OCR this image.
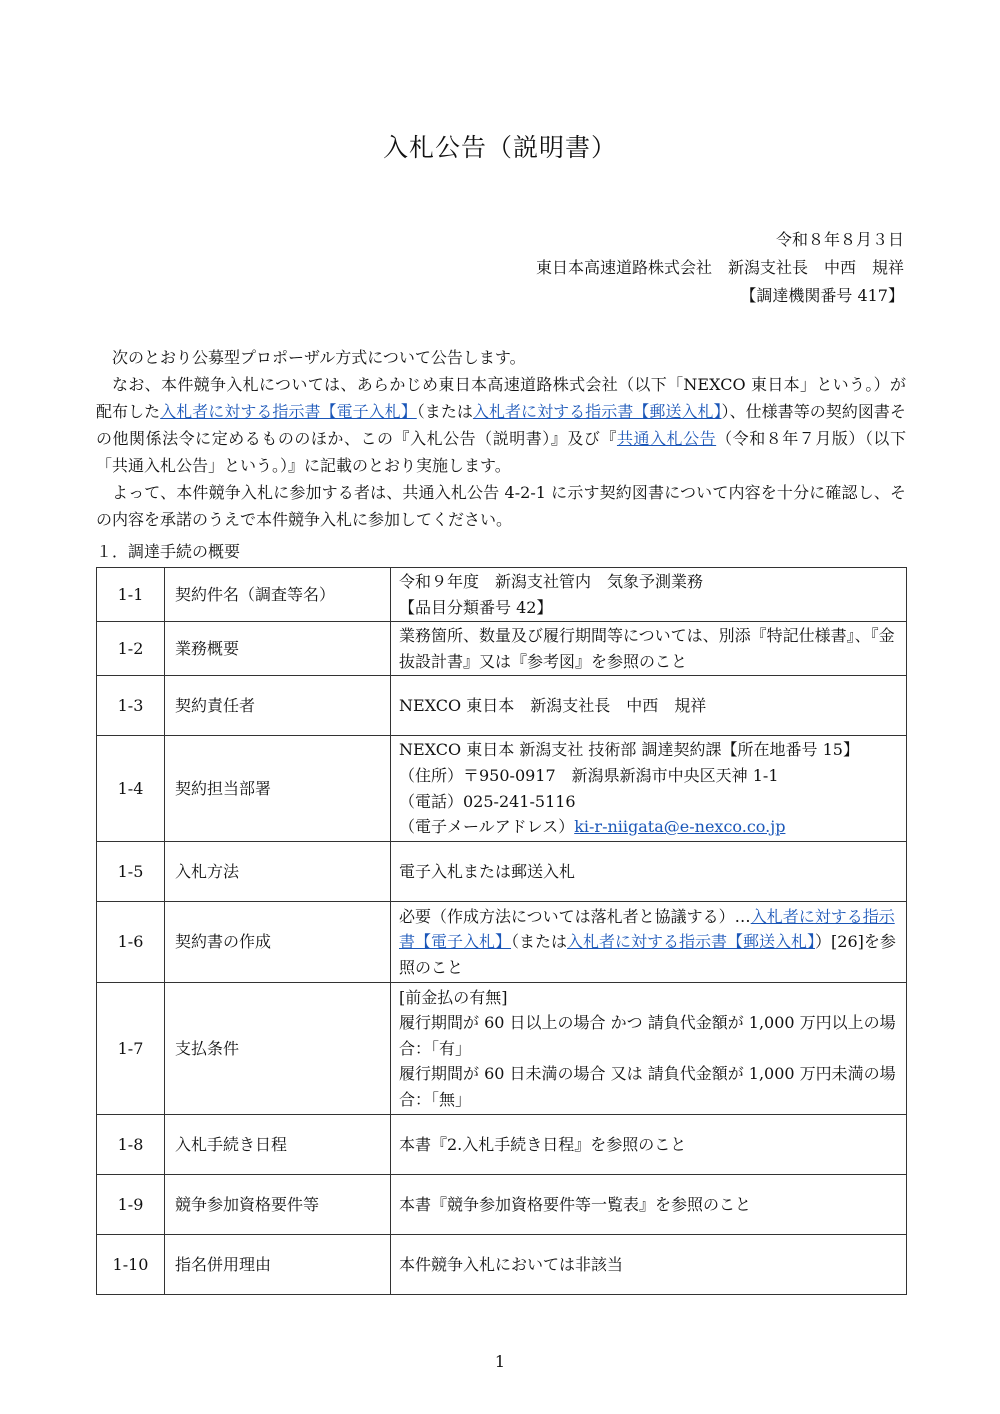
入札公告（説明書）
令和８年８月３日
東日本高速道路株式会社　新潟支社長　中西　規祥
【調達機関番号 417】

次のとおり公募型プロポーザル方式について公告します。

なお、本件競争入札については、あらかじめ東日本高速道路株式会社（以下「NEXCO 東日本」という。）が配布した入札者に対する指示書【電子入札】（または入札者に対する指示書【郵送入札】）、仕様書等の契約図書その他関係法令に定めるもののほか、この『入札公告（説明書）』及び『共通入札公告（令和８年７月版）（以下「共通入札公告」という。）』に記載のとおり実施します。

よって、本件競争入札に参加する者は、共通入札公告 4-2-1 に示す契約図書について内容を十分に確認し、その内容を承諾のうえで本件競争入札に参加してください。

１．調達手続の概要
1-1	契約件名（調査等名）	令和９年度　新潟支社管内　気象予測業務
【品目分類番号 42】

1-2	業務概要	業務箇所、数量及び履行期間等については、別添『特記仕様書』、『金抜設計書』又は『参考図』を参照のこと
1-3	契約責任者	NEXCO 東日本　新潟支社長　中西　規祥
1-4	契約担当部署	NEXCO 東日本 新潟支社 技術部 調達契約課【所在地番号 15】
（住所）〒950-0917　新潟県新潟市中央区天神 1-1
（電話）025-241-5116
（電子メールアドレス）ki-r-niigata@e-nexco.co.jp

1-5	入札方法	電子入札または郵送入札
1-6	契約書の作成	必要（作成方法については落札者と協議する）…入札者に対する指示書【電子入札】（または入札者に対する指示書【郵送入札】）[26]を参照のこと
1-7	支払条件	[前金払の有無]
履行期間が 60 日以上の場合 かつ 請負代金額が 1,000 万円以上の場合：「有」
履行期間が 60 日未満の場合 又は 請負代金額が 1,000 万円未満の場合：「無」

1-8	入札手続き日程	本書『2.入札手続き日程』を参照のこと
1-9	競争参加資格要件等	本書『競争参加資格要件等一覧表』を参照のこと
1-10	指名併用理由	本件競争入札においては非該当
1
